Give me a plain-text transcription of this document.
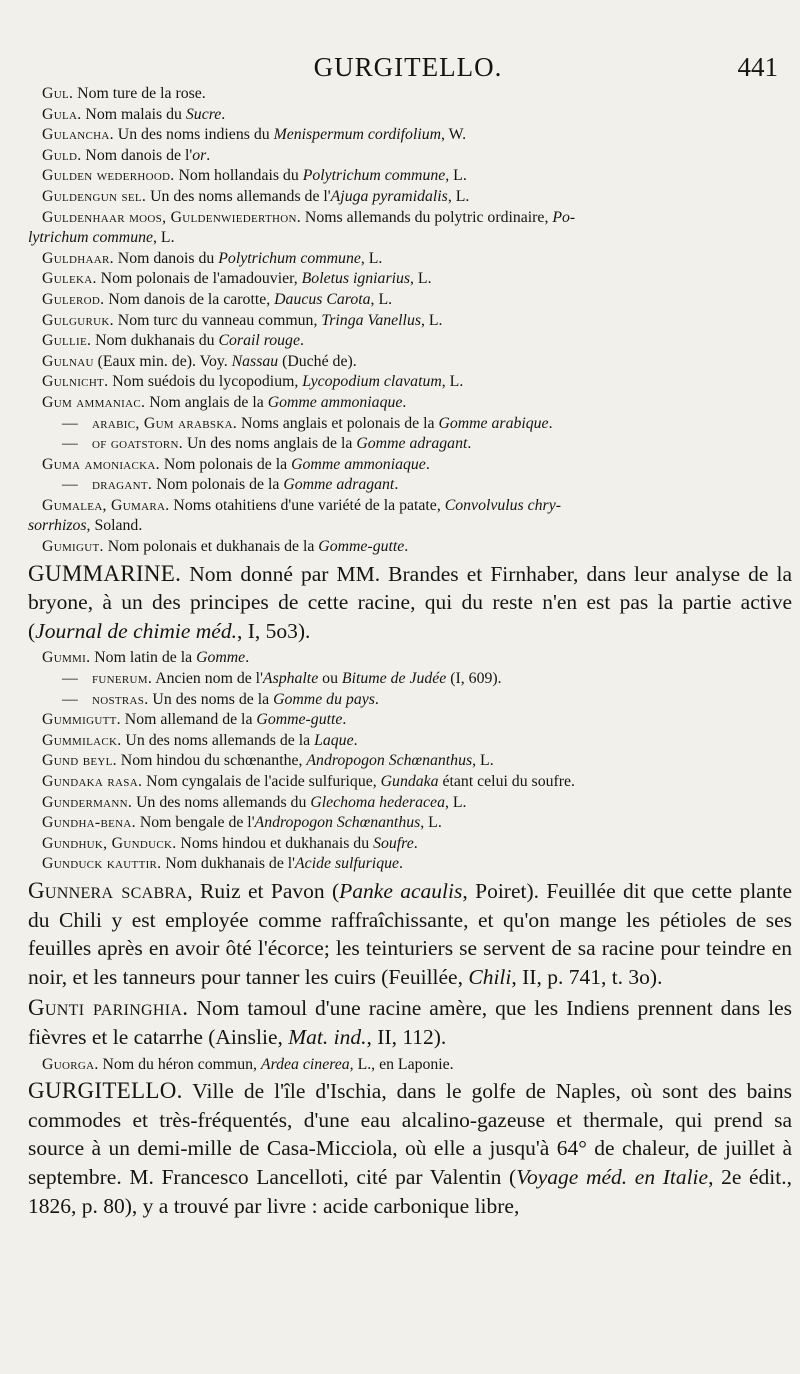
GURGITELLO.	441

Gul. Nom ture de la rose.

Gula. Nom malais du Sucre.

Gulancha. Un des noms indiens du Menispermum cordifolium, W.

Guld. Nom danois de l'or.

Gulden wederhood. Nom hollandais du Polytrichum commune, L.

Guldengun sel. Un des noms allemands de l'Ajuga pyramidalis, L.

Guldenhaar moos, Guldenwiederthon. Noms allemands du polytric ordinaire, Po-

lytrichum commune, L.

Guldhaar. Nom danois du Polytrichum commune, L.

Guleka. Nom polonais de l'amadouvier, Boletus igniarius, L.

Gulerod. Nom danois de la carotte, Daucus Carota, L.

Gulguruk. Nom turc du vanneau commun, Tringa Vanellus, L.

Gullie. Nom dukhanais du Corail rouge.

Gulnau (Eaux min. de). Voy. Nassau (Duché de).

Gulnicht. Nom suédois du lycopodium, Lycopodium clavatum, L.

Gum ammaniac. Nom anglais de la Gomme ammoniaque.

— arabic, Gum arabska. Noms anglais et polonais de la Gomme arabique.

— of goatstorn. Un des noms anglais de la Gomme adragant.

Guma amoniacka. Nom polonais de la Gomme ammoniaque.

— dragant. Nom polonais de la Gomme adragant.

Gumalea, Gumara. Noms otahitiens d'une variété de la patate, Convolvulus chry-

sorrhizos, Soland.

Gumigut. Nom polonais et dukhanais de la Gomme-gutte.

GUMMARINE. Nom donné par MM. Brandes et Firnhaber, dans leur analyse de la bryone, à un des principes de cette racine, qui du reste n'en est pas la partie active (Journal de chimie méd., I, 5o3).

Gummi. Nom latin de la Gomme.

— funerum. Ancien nom de l'Asphalte ou Bitume de Judée (I, 609).

— nostras. Un des noms de la Gomme du pays.

Gummigutt. Nom allemand de la Gomme-gutte.

Gummilack. Un des noms allemands de la Laque.

Gund beyl. Nom hindou du schœnanthe, Andropogon Schœnanthus, L.

Gundaka rasa. Nom cyngalais de l'acide sulfurique, Gundaka étant celui du soufre.

Gundermann. Un des noms allemands du Glechoma hederacea, L.

Gundha-bena. Nom bengale de l'Andropogon Schœnanthus, L.

Gundhuk, Gunduck. Noms hindou et dukhanais du Soufre.

Gunduck kauttir. Nom dukhanais de l'Acide sulfurique.

Gunnera scabra, Ruiz et Pavon (Panke acaulis, Poiret). Feuillée dit que cette plante du Chili y est employée comme raffraîchissante, et qu'on mange les pétioles de ses feuilles après en avoir ôté l'écorce; les teinturiers se servent de sa racine pour teindre en noir, et les tanneurs pour tanner les cuirs (Feuillée, Chili, II, p. 741, t. 3o).

Gunti paringhia. Nom tamoul d'une racine amère, que les Indiens prennent dans les fièvres et le catarrhe (Ainslie, Mat. ind., II, 112).

Guorga. Nom du héron commun, Ardea cinerea, L., en Laponie.

GURGITELLO. Ville de l'île d'Ischia, dans le golfe de Naples, où sont des bains commodes et très-fréquentés, d'une eau alcalino-gazeuse et thermale, qui prend sa source à un demi-mille de Casa-Micciola, où elle a jusqu'à 64° de chaleur, de juillet à septembre. M. Francesco Lancelloti, cité par Valentin (Voyage méd. en Italie, 2e édit., 1826, p. 80), y a trouvé par livre : acide carbonique libre,
